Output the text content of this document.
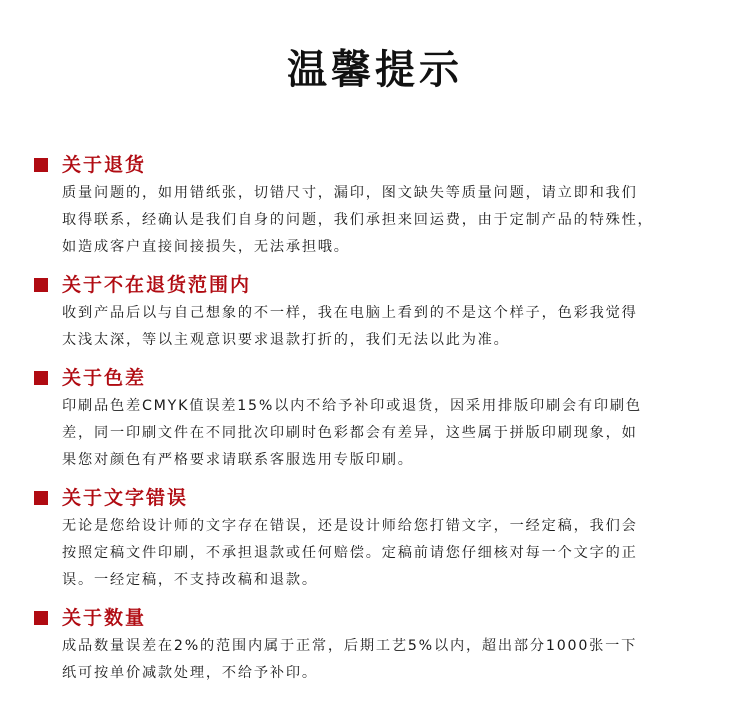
温馨提示
关于退货
质量问题的，如用错纸张，切错尺寸，漏印，图文缺失等质量问题，请立即和我们
取得联系，经确认是我们自身的问题，我们承担来回运费，由于定制产品的特殊性，
如造成客户直接间接损失，无法承担哦。
关于不在退货范围内
收到产品后以与自己想象的不一样，我在电脑上看到的不是这个样子，色彩我觉得
太浅太深，等以主观意识要求退款打折的，我们无法以此为准。
关于色差
印刷品色差CMYK值误差15%以内不给予补印或退货，因采用排版印刷会有印刷色
差，同一印刷文件在不同批次印刷时色彩都会有差异，这些属于拼版印刷现象，如
果您对颜色有严格要求请联系客服选用专版印刷。
关于文字错误
无论是您给设计师的文字存在错误，还是设计师给您打错文字，一经定稿，我们会
按照定稿文件印刷，不承担退款或任何赔偿。定稿前请您仔细核对每一个文字的正
误。一经定稿，不支持改稿和退款。
关于数量
成品数量误差在2%的范围内属于正常，后期工艺5%以内，超出部分1000张一下
纸可按单价减款处理，不给予补印。
